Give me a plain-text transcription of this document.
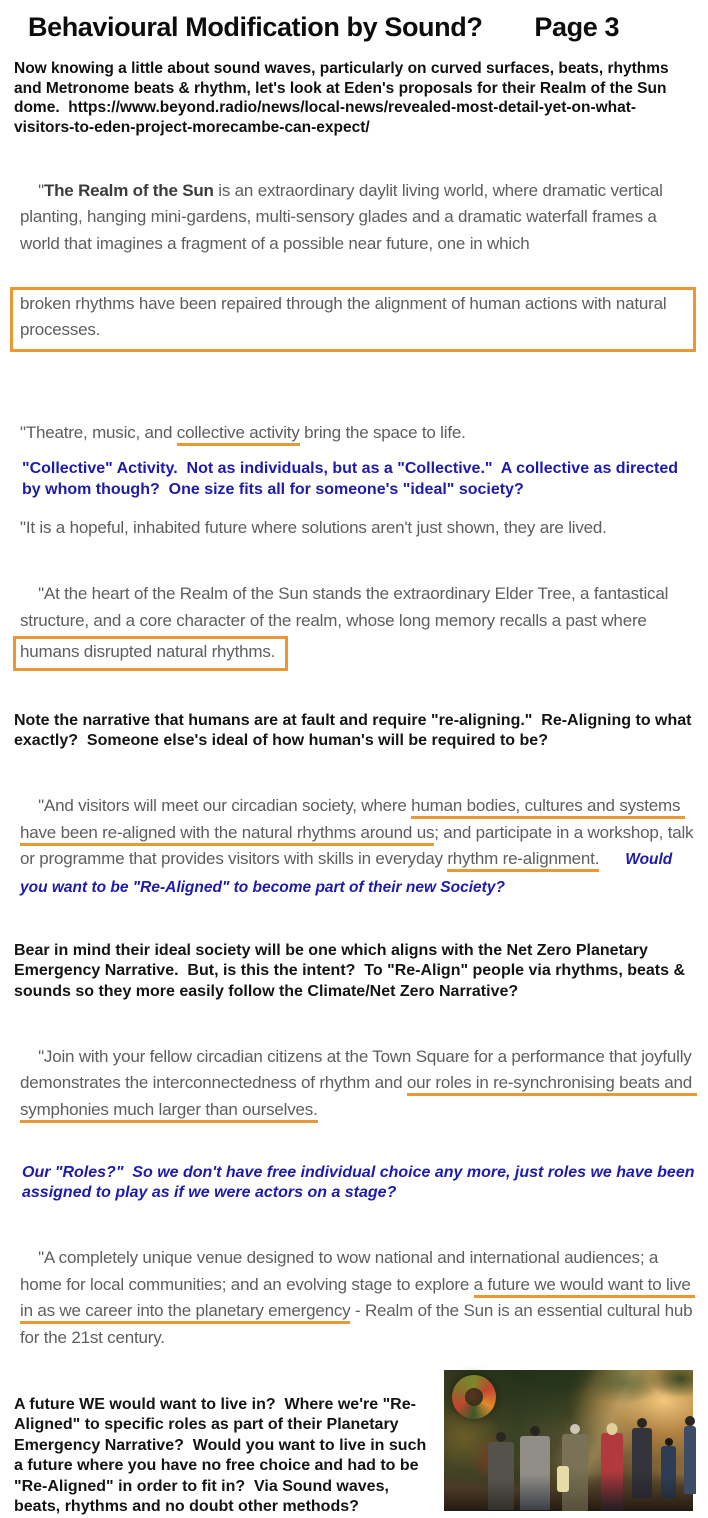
Behavioural Modification by Sound? Page 3

Now knowing a little about sound waves, particularly on curved surfaces, beats, rhythms and Metronome beats & rhythm, let's look at Eden's proposals for their Realm of the Sun dome.  https://www.beyond.radio/news/local-news/revealed-most-detail-yet-on-what-visitors-to-eden-project-morecambe-can-expect/

"The Realm of the Sun is an extraordinary daylit living world, where dramatic vertical planting, hanging mini-gardens, multi-sensory glades and a dramatic waterfall frames a world that imagines a fragment of a possible near future, one in which

broken rhythms have been repaired through the alignment of human actions with natural processes.

"Theatre, music, and collective activity bring the space to life.

"Collective" Activity.  Not as individuals, but as a "Collective."  A collective as directed by whom though?  One size fits all for someone's "ideal" society?

"It is a hopeful, inhabited future where solutions aren't just shown, they are lived.

"At the heart of the Realm of the Sun stands the extraordinary Elder Tree, a fantastical structure, and a core character of the realm, whose long memory recalls a past where humans disrupted natural rhythms.

Note the narrative that humans are at fault and require "re-aligning."  Re-Aligning to what exactly?  Someone else's ideal of how human's will be required to be?

"And visitors will meet our circadian society, where human bodies, cultures and systems have been re-aligned with the natural rhythms around us; and participate in a workshop, talk or programme that provides visitors with skills in everyday rhythm re-alignment. Would you want to be "Re-Aligned" to become part of their new Society?

Bear in mind their ideal society will be one which aligns with the Net Zero Planetary Emergency Narrative.  But, is this the intent?  To "Re-Align" people via rhythms, beats & sounds so they more easily follow the Climate/Net Zero Narrative?

"Join with your fellow circadian citizens at the Town Square for a performance that joyfully demonstrates the interconnectedness of rhythm and our roles in re-synchronising beats and symphonies much larger than ourselves.

Our "Roles?"  So we don't have free individual choice any more, just roles we have been assigned to play as if we were actors on a stage?

"A completely unique venue designed to wow national and international audiences; a home for local communities; and an evolving stage to explore a future we would want to live in as we career into the planetary emergency - Realm of the Sun is an essential cultural hub for the 21st century.

A future WE would want to live in?  Where we're "Re-Aligned" to specific roles as part of their Planetary Emergency Narrative?  Would you want to live in such a future where you have no free choice and had to be "Re-Aligned" in order to fit in?  Via Sound waves, beats, rhythms and no doubt other methods?
